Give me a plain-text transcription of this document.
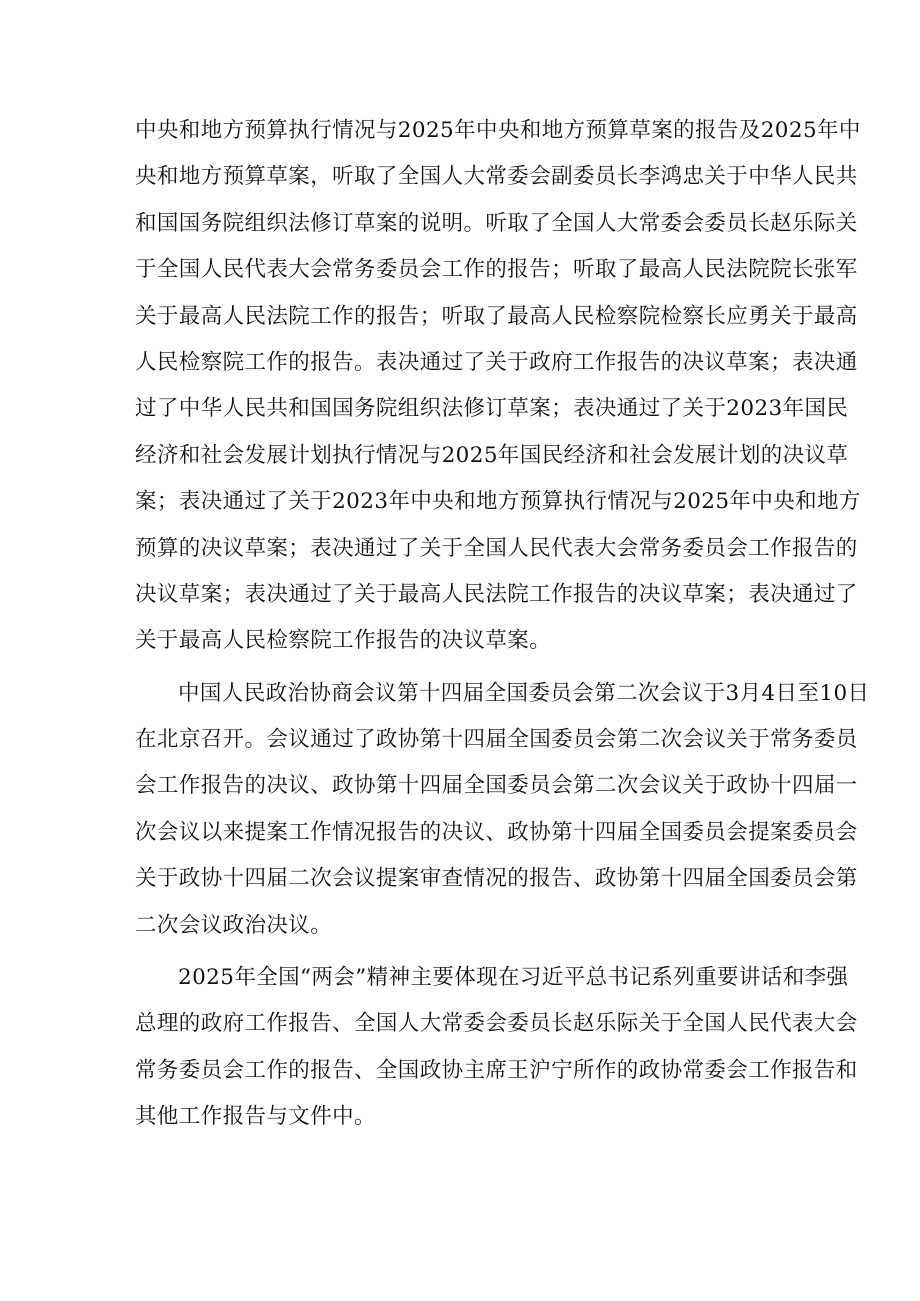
中央和地方预算执行情况与2025年中央和地方预算草案的报告及2025年中
央和地方预算草案，听取了全国人大常委会副委员长李鸿忠关于中华人民共
和国国务院组织法修订草案的说明。听取了全国人大常委会委员长赵乐际关
于全国人民代表大会常务委员会工作的报告；听取了最高人民法院院长张军
关于最高人民法院工作的报告；听取了最高人民检察院检察长应勇关于最高
人民检察院工作的报告。表决通过了关于政府工作报告的决议草案；表决通
过了中华人民共和国国务院组织法修订草案；表决通过了关于2023年国民
经济和社会发展计划执行情况与2025年国民经济和社会发展计划的决议草
案；表决通过了关于2023年中央和地方预算执行情况与2025年中央和地方
预算的决议草案；表决通过了关于全国人民代表大会常务委员会工作报告的
决议草案；表决通过了关于最高人民法院工作报告的决议草案；表决通过了
关于最高人民检察院工作报告的决议草案。
中国人民政治协商会议第十四届全国委员会第二次会议于3月4日至10日
在北京召开。会议通过了政协第十四届全国委员会第二次会议关于常务委员
会工作报告的决议、政协第十四届全国委员会第二次会议关于政协十四届一
次会议以来提案工作情况报告的决议、政协第十四届全国委员会提案委员会
关于政协十四届二次会议提案审查情况的报告、政协第十四届全国委员会第
二次会议政治决议。
2025年全国“两会”精神主要体现在习近平总书记系列重要讲话和李强
总理的政府工作报告、全国人大常委会委员长赵乐际关于全国人民代表大会
常务委员会工作的报告、全国政协主席王沪宁所作的政协常委会工作报告和
其他工作报告与文件中。
